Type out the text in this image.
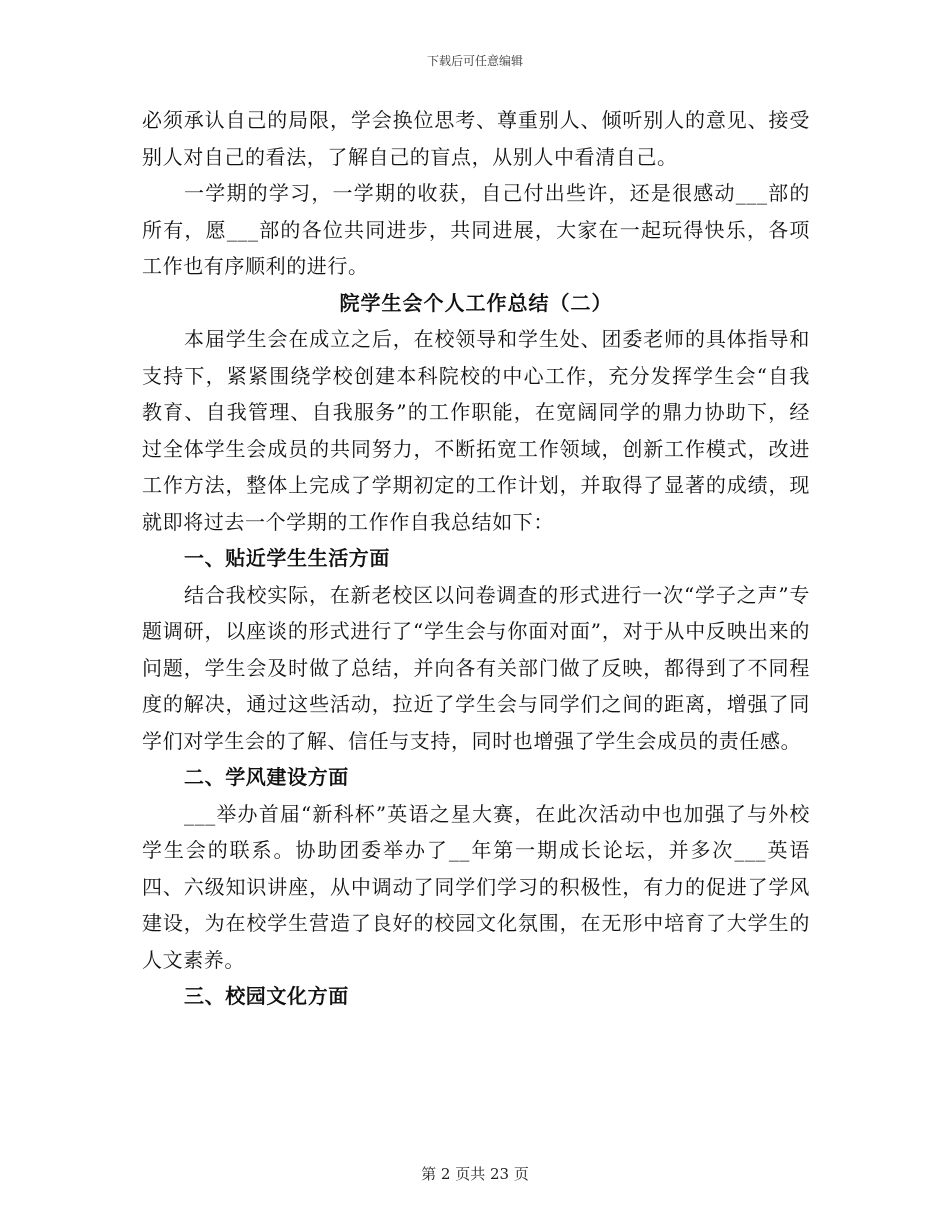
下载后可任意编辑

必须承认自己的局限，学会换位思考、尊重别人、倾听别人的意见、接受别人对自己的看法，了解自己的盲点，从别人中看清自己。

一学期的学习，一学期的收获，自己付出些许，还是很感动___部的所有，愿___部的各位共同进步，共同进展，大家在一起玩得快乐，各项工作也有序顺利的进行。

院学生会个人工作总结（二）

本届学生会在成立之后，在校领导和学生处、团委老师的具体指导和支持下，紧紧围绕学校创建本科院校的中心工作，充分发挥学生会“自我教育、自我管理、自我服务”的工作职能，在宽阔同学的鼎力协助下，经过全体学生会成员的共同努力，不断拓宽工作领域，创新工作模式，改进工作方法，整体上完成了学期初定的工作计划，并取得了显著的成绩，现就即将过去一个学期的工作作自我总结如下：

一、贴近学生生活方面

结合我校实际，在新老校区以问卷调查的形式进行一次“学子之声”专题调研，以座谈的形式进行了“学生会与你面对面”，对于从中反映出来的问题，学生会及时做了总结，并向各有关部门做了反映，都得到了不同程度的解决，通过这些活动，拉近了学生会与同学们之间的距离，增强了同学们对学生会的了解、信任与支持，同时也增强了学生会成员的责任感。

二、学风建设方面

___举办首届“新科杯”英语之星大赛，在此次活动中也加强了与外校学生会的联系。协助团委举办了__年第一期成长论坛，并多次___英语四、六级知识讲座，从中调动了同学们学习的积极性，有力的促进了学风建设，为在校学生营造了良好的校园文化氛围，在无形中培育了大学生的人文素养。

三、校园文化方面

第 2 页共 23 页
